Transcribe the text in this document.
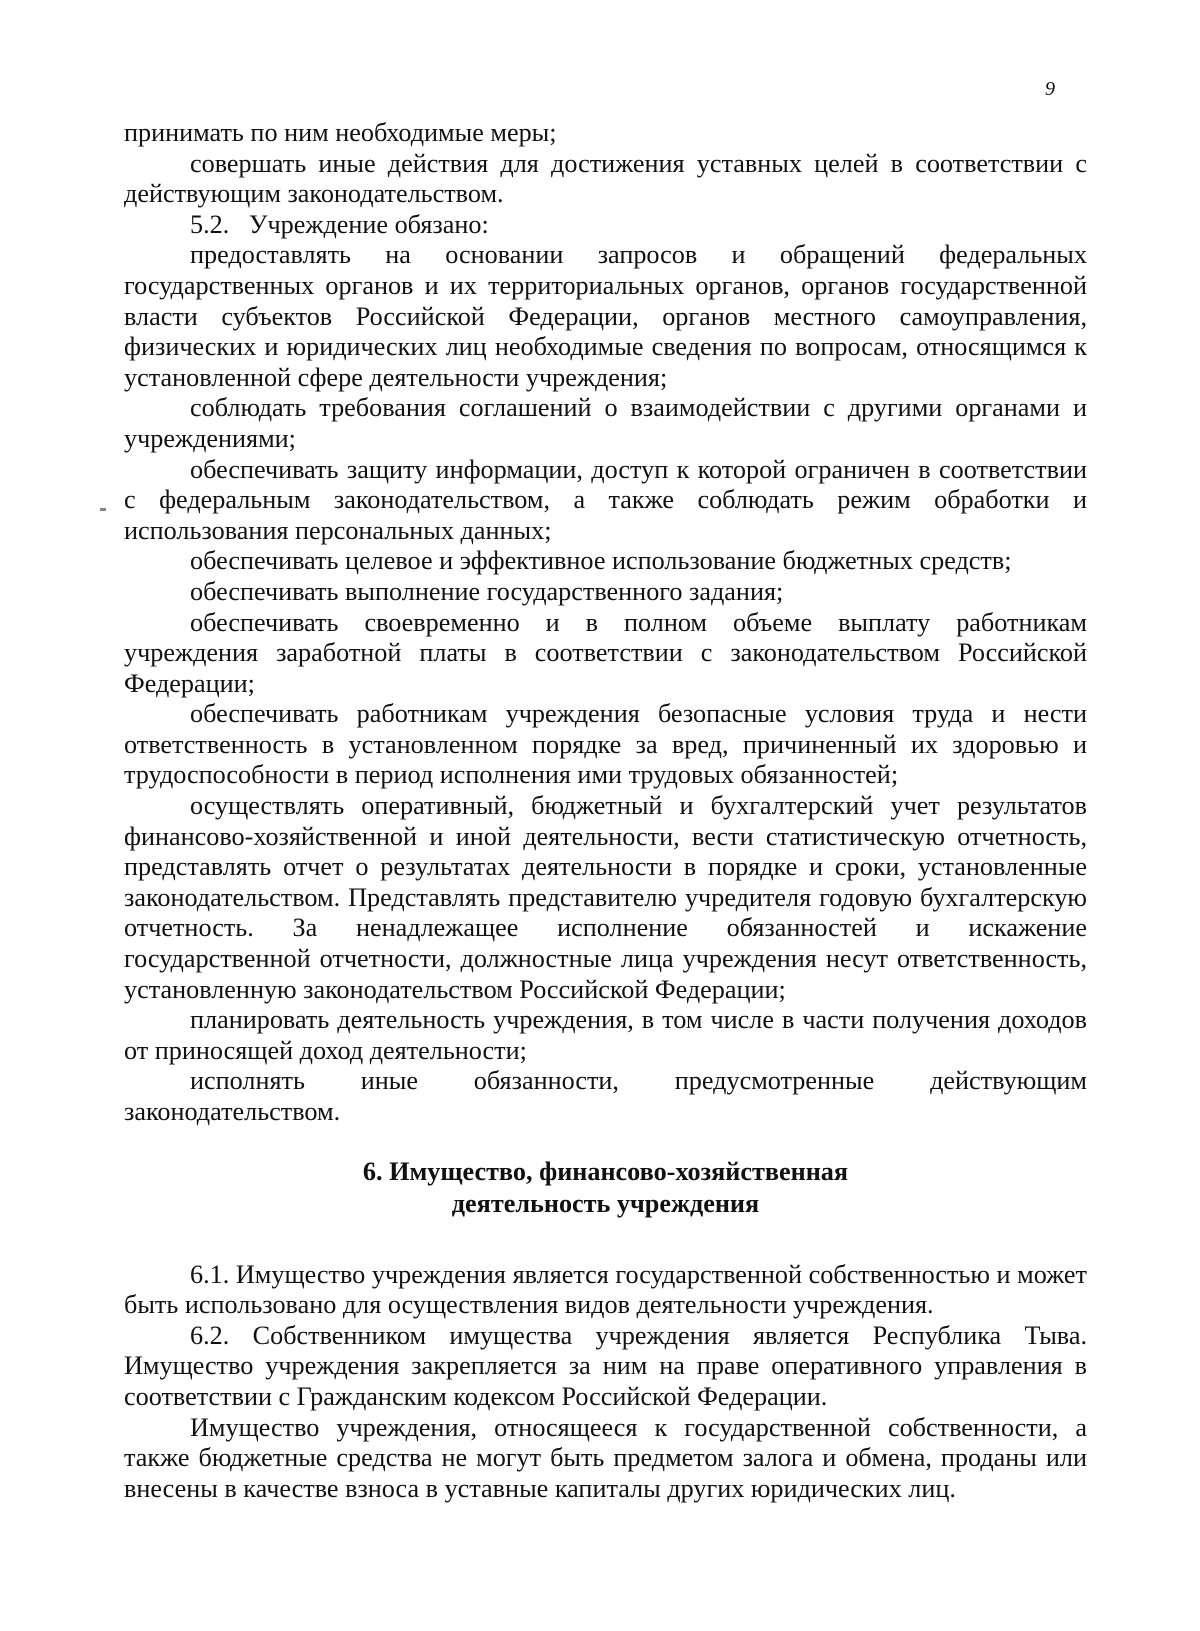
9

принимать по ним необходимые меры;

совершать иные действия для достижения уставных целей в соответствии с действующим законодательством.

5.2.   Учреждение обязано:

предоставлять на основании запросов и обращений федеральных государственных органов и их территориальных органов, органов государственной власти субъектов Российской Федерации, органов местного самоуправления, физических и юридических лиц необходимые сведения по вопросам, относящимся к установленной сфере деятельности учреждения;

соблюдать требования соглашений о взаимодействии с другими органами и учреждениями;

обеспечивать защиту информации, доступ к которой ограничен в соответствии с федеральным законодательством, а также соблюдать режим обработки и использования персональных данных;

обеспечивать целевое и эффективное использование бюджетных средств;

обеспечивать выполнение государственного задания;

обеспечивать своевременно и в полном объеме выплату работникам учреждения заработной платы в соответствии с законодательством Российской Федерации;

обеспечивать работникам учреждения безопасные условия труда и нести ответственность в установленном порядке за вред, причиненный их здоровью и трудоспособности в период исполнения ими трудовых обязанностей;

осуществлять оперативный, бюджетный и бухгалтерский учет результатов финансово-хозяйственной и иной деятельности, вести статистическую отчетность, представлять отчет о результатах деятельности в порядке и сроки, установленные законодательством. Представлять представителю учредителя годовую бухгалтерскую отчетность. За ненадлежащее исполнение обязанностей и искажение государственной отчетности, должностные лица учреждения несут ответственность, установленную законодательством Российской Федерации;

планировать деятельность учреждения, в том числе в части получения доходов от приносящей доход деятельности;

исполнять иные обязанности, предусмотренные действующим законодательством.

6. Имущество, финансово-хозяйственная
деятельность учреждения

6.1. Имущество учреждения является государственной собственностью и может быть использовано для осуществления видов деятельности учреждения.

6.2. Собственником имущества учреждения является Республика Тыва. Имущество учреждения закрепляется за ним на праве оперативного управления в соответствии с Гражданским кодексом Российской Федерации.

Имущество учреждения, относящееся к государственной собственности, а также бюджетные средства не могут быть предметом залога и обмена, проданы или внесены в качестве взноса в уставные капиталы других юридических лиц.
